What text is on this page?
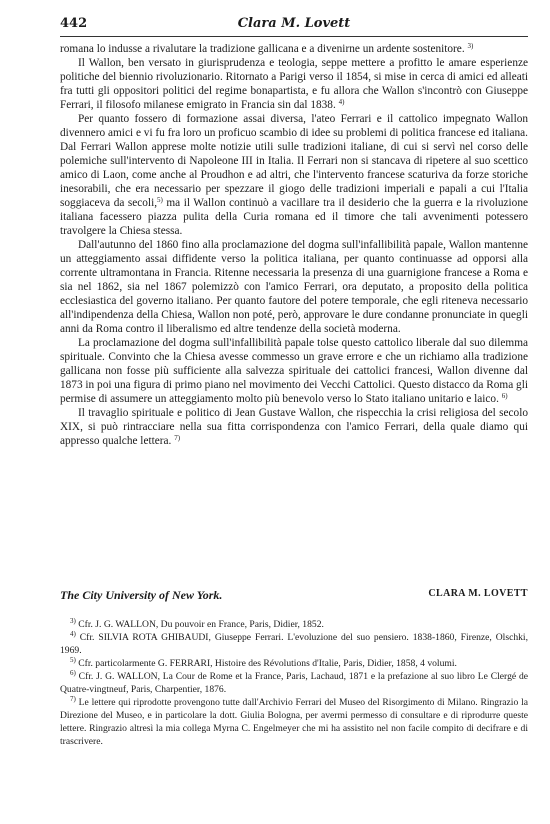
442	Clara M. Lovett

romana lo indusse a rivalutare la tradizione gallicana e a divenirne un ardente sostenitore. $^{3)}$

Il Wallon, ben versato in giurisprudenza e teologia, seppe mettere a profitto le amare esperienze politiche del biennio rivoluzionario. Ritornato a Parigi verso il 1854, si mise in cerca di amici ed alleati fra tutti gli oppositori politici del regime bonapartista, e fu allora che Wallon s'incontrò con Giuseppe Ferrari, il filosofo milanese emigrato in Francia sin dal 1838. $^{4)}$

Per quanto fossero di formazione assai diversa, l'ateo Ferrari e il cattolico impegnato Wallon divennero amici e vi fu fra loro un proficuo scambio di idee su problemi di politica francese ed italiana. Dal Ferrari Wallon apprese molte notizie utili sulle tradizioni italiane, di cui si servì nel corso delle polemiche sull'intervento di Napoleone III in Italia. Il Ferrari non si stancava di ripetere al suo scettico amico di Laon, come anche al Proudhon e ad altri, che l'intervento francese scaturiva da forze storiche inesorabili, che era necessario per spezzare il giogo delle tradizioni imperiali e papali a cui l'Italia soggiaceva da secoli,$^{5)}$ ma il Wallon continuò a vacillare tra il desiderio che la guerra e la rivoluzione italiana facessero piazza pulita della Curia romana ed il timore che tali avvenimenti potessero travolgere la Chiesa stessa.

Dall'autunno del 1860 fino alla proclamazione del dogma sull'infallibilità papale, Wallon mantenne un atteggiamento assai diffidente verso la politica italiana, per quanto continuasse ad opporsi alla corrente ultramontana in Francia. Ritenne necessaria la presenza di una guarnigione francese a Roma e sia nel 1862, sia nel 1867 polemizzò con l'amico Ferrari, ora deputato, a proposito della politica ecclesiastica del governo italiano. Per quanto fautore del potere temporale, che egli riteneva necessario all'indipendenza della Chiesa, Wallon non poté, però, approvare le dure condanne pronunciate in quegli anni da Roma contro il liberalismo ed altre tendenze della società moderna.

La proclamazione del dogma sull'infallibilità papale tolse questo cattolico liberale dal suo dilemma spirituale. Convinto che la Chiesa avesse commesso un grave errore e che un richiamo alla tradizione gallicana non fosse più sufficiente alla salvezza spirituale dei cattolici francesi, Wallon divenne dal 1873 in poi una figura di primo piano nel movimento dei Vecchi Cattolici. Questo distacco da Roma gli permise di assumere un atteggiamento molto più benevolo verso lo Stato italiano unitario e laico. $^{6)}$

Il travaglio spirituale e politico di Jean Gustave Wallon, che rispecchia la crisi religiosa del secolo XIX, si può rintracciare nella sua fitta corrispondenza con l'amico Ferrari, della quale diamo qui appresso qualche lettera. $^{7)}$

The City University of New York.	CLARA M. LOVETT

$^{3)}$ Cfr. J. G. WALLON, Du pouvoir en France, Paris, Didier, 1852.

$^{4)}$ Cfr. SILVIA ROTA GHIBAUDI, Giuseppe Ferrari. L'evoluzione del suo pensiero. 1838-1860, Firenze, Olschki, 1969.

$^{5)}$ Cfr. particolarmente G. FERRARI, Histoire des Révolutions d'Italie, Paris, Didier, 1858, 4 volumi.

$^{6)}$ Cfr. J. G. WALLON, La Cour de Rome et la France, Paris, Lachaud, 1871 e la prefazione al suo libro Le Clergé de Quatre-vingtneuf, Paris, Charpentier, 1876.

$^{7)}$ Le lettere qui riprodotte provengono tutte dall'Archivio Ferrari del Museo del Risorgimento di Milano. Ringrazio la Direzione del Museo, e in particolare la dott. Giulia Bologna, per avermi permesso di consultare e di riprodurre queste lettere. Ringrazio altresì la mia collega Myrna C. Engelmeyer che mi ha assistito nel non facile compito di decifrare e di trascrivere.
